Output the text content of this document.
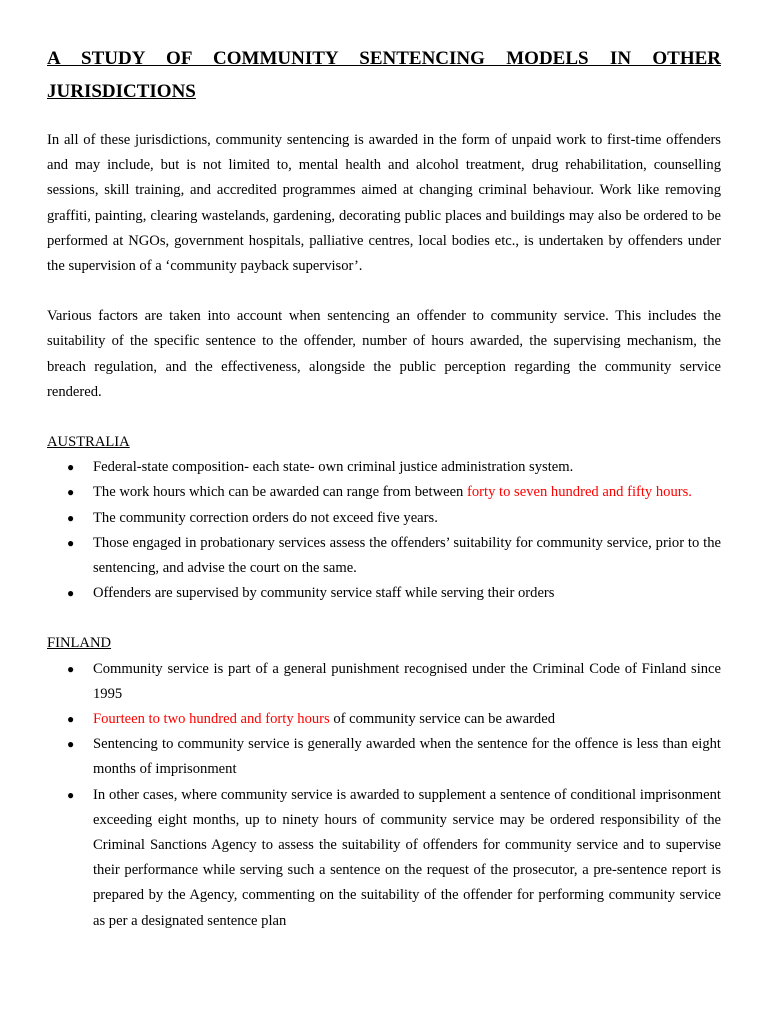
A STUDY OF COMMUNITY SENTENCING MODELS IN OTHER JURISDICTIONS

In all of these jurisdictions, community sentencing is awarded in the form of unpaid work to first-time offenders and may include, but is not limited to, mental health and alcohol treatment, drug rehabilitation, counselling sessions, skill training, and accredited programmes aimed at changing criminal behaviour. Work like removing graffiti, painting, clearing wastelands, gardening, decorating public places and buildings may also be ordered to be performed at NGOs, government hospitals, palliative centres, local bodies etc., is undertaken by offenders under the supervision of a ‘community payback supervisor’.

Various factors are taken into account when sentencing an offender to community service. This includes the suitability of the specific sentence to the offender, number of hours awarded, the supervising mechanism, the breach regulation, and the effectiveness, alongside the public perception regarding the community service rendered.

AUSTRALIA
● Federal-state composition- each state- own criminal justice administration system.
● The work hours which can be awarded can range from between forty to seven hundred and fifty hours.
● The community correction orders do not exceed five years.
● Those engaged in probationary services assess the offenders’ suitability for community service, prior to the sentencing, and advise the court on the same.
● Offenders are supervised by community service staff while serving their orders
FINLAND
● Community service is part of a general punishment recognised under the Criminal Code of Finland since 1995
● Fourteen to two hundred and forty hours of community service can be awarded
● Sentencing to community service is generally awarded when the sentence for the offence is less than eight months of imprisonment
● In other cases, where community service is awarded to supplement a sentence of conditional imprisonment exceeding eight months, up to ninety hours of community service may be ordered responsibility of the Criminal Sanctions Agency to assess the suitability of offenders for community service and to supervise their performance while serving such a sentence on the request of the prosecutor, a pre-sentence report is prepared by the Agency, commenting on the suitability of the offender for performing community service as per a designated sentence plan
